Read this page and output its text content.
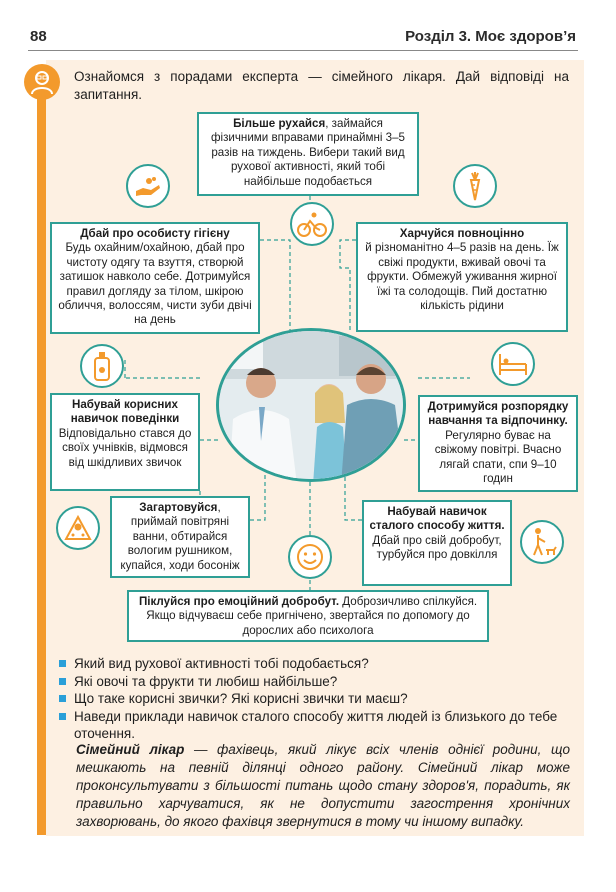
88	Розділ 3. Моє здоров’я
Ознайомся з порадами експерта — сімейного лікаря. Дай відповіді на запитання.
Більше рухайся, займайся фізичними вправами принаймні 3–5 разів на тиждень. Вибери такий вид рухової активності, який тобі найбільше подобається
Дбай про особисту гігієну
Будь охайним/охайною, дбай про чистоту одягу та взуття, створюй затишок навколо себе. Дотримуйся правил догляду за тілом, шкірою обличчя, волоссям, чисти зуби двічі на день
Харчуйся повноцінно
й різноманітно 4–5 разів на день. Їж свіжі продукти, вживай овочі та фрукти. Обмежуй уживання жирної їжі та солодощів. Пий достатню кількість рідини
Набувай корисних навичок поведінки
Відповідально стався до своїх учнівків, відмовся від шкідливих звичок
Дотримуйся розпорядку навчання та відпочинку. Регулярно буває на свіжому повітрі. Вчасно лягай спати, спи 9–10 годин
Загартовуйся, приймай повітряні ванни, обтирайся вологим рушником, купайся, ходи босоніж
Набувай навичок сталого способу життя. Дбай про свій добробут, турбуйся про довкілля
Піклуйся про емоційний добробут. Доброзичливо спілкуйся. Якщо відчуваєш себе пригнічено, звертайся по допомогу до дорослих або психолога
Який вид рухової активності тобі подобається?
Які овочі та фрукти ти любиш найбільше?
Що таке корисні звички? Які корисні звички ти маєш?
Наведи приклади навичок сталого способу життя людей із близького до тебе оточення.
Сімейний лікар — фахівець, який лікує всіх членів однієї родини, що мешкають на певній ділянці одного району. Сімейний лікар може проконсультувати з більшості питань щодо стану здоров'я, порадить, як правильно харчуватися, як не допустити загострення хронічних захворювань, до якого фахівця звернутися в тому чи іншому випадку.
